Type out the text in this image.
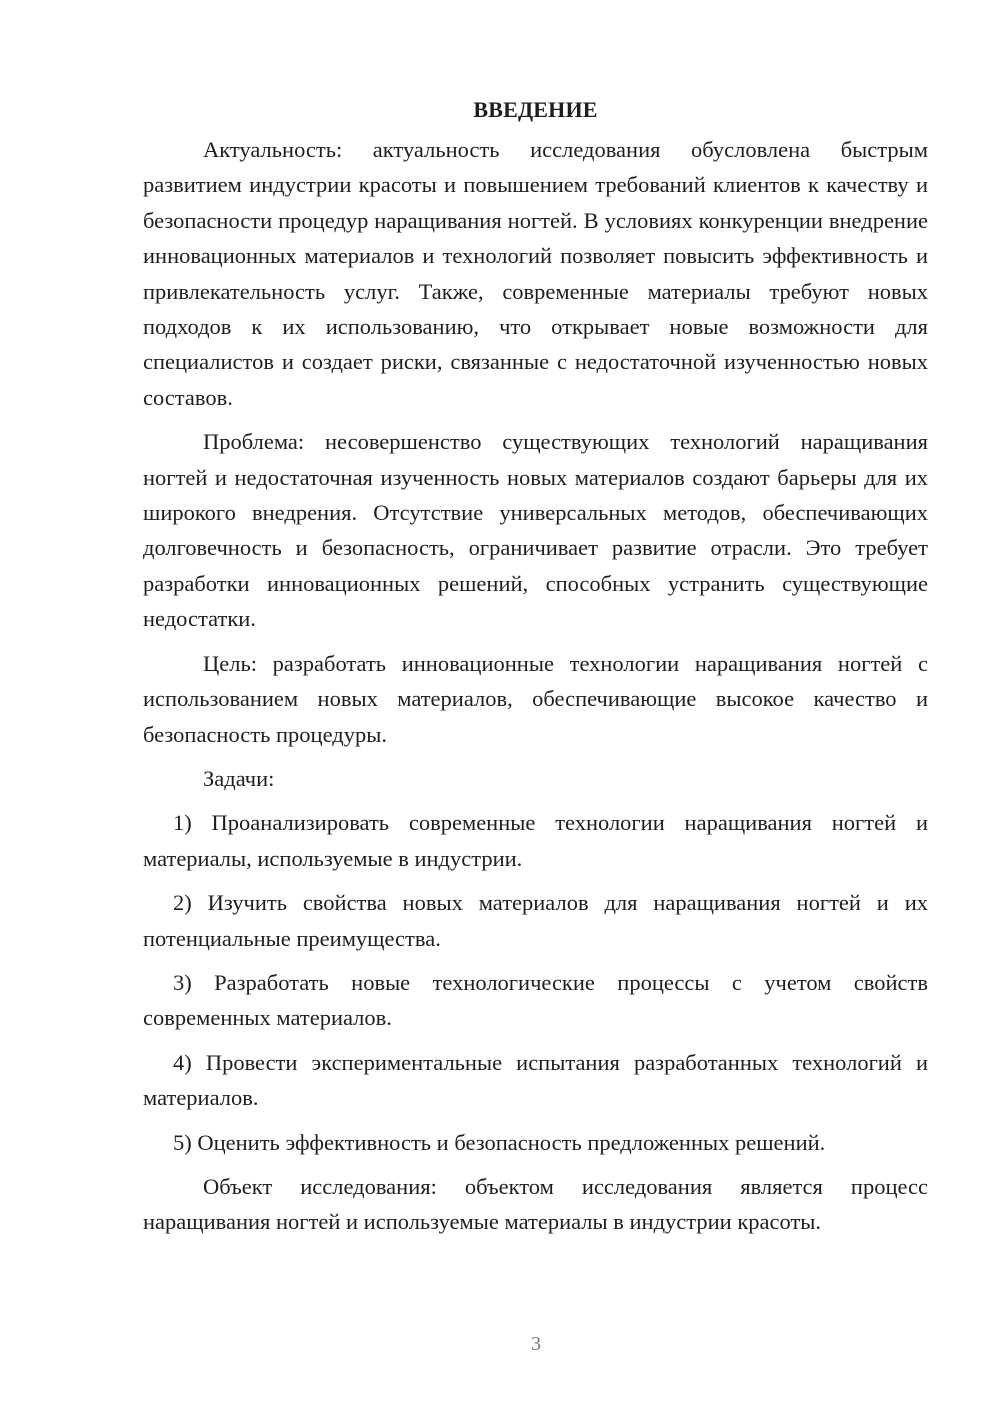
ВВЕДЕНИЕ

Актуальность: актуальность исследования обусловлена быстрым развитием индустрии красоты и повышением требований клиентов к качеству и безопасности процедур наращивания ногтей. В условиях конкуренции внедрение инновационных материалов и технологий позволяет повысить эффективность и привлекательность услуг. Также, современные материалы требуют новых подходов к их использованию, что открывает новые возможности для специалистов и создает риски, связанные с недостаточной изученностью новых составов.

Проблема: несовершенство существующих технологий наращивания ногтей и недостаточная изученность новых материалов создают барьеры для их широкого внедрения. Отсутствие универсальных методов, обеспечивающих долговечность и безопасность, ограничивает развитие отрасли. Это требует разработки инновационных решений, способных устранить существующие недостатки.

Цель: разработать инновационные технологии наращивания ногтей с использованием новых материалов, обеспечивающие высокое качество и безопасность процедуры.

Задачи:

1) Проанализировать современные технологии наращивания ногтей и материалы, используемые в индустрии.

2) Изучить свойства новых материалов для наращивания ногтей и их потенциальные преимущества.

3) Разработать новые технологические процессы с учетом свойств современных материалов.

4) Провести экспериментальные испытания разработанных технологий и материалов.

5) Оценить эффективность и безопасность предложенных решений.

Объект исследования: объектом исследования является процесс наращивания ногтей и используемые материалы в индустрии красоты.

3
